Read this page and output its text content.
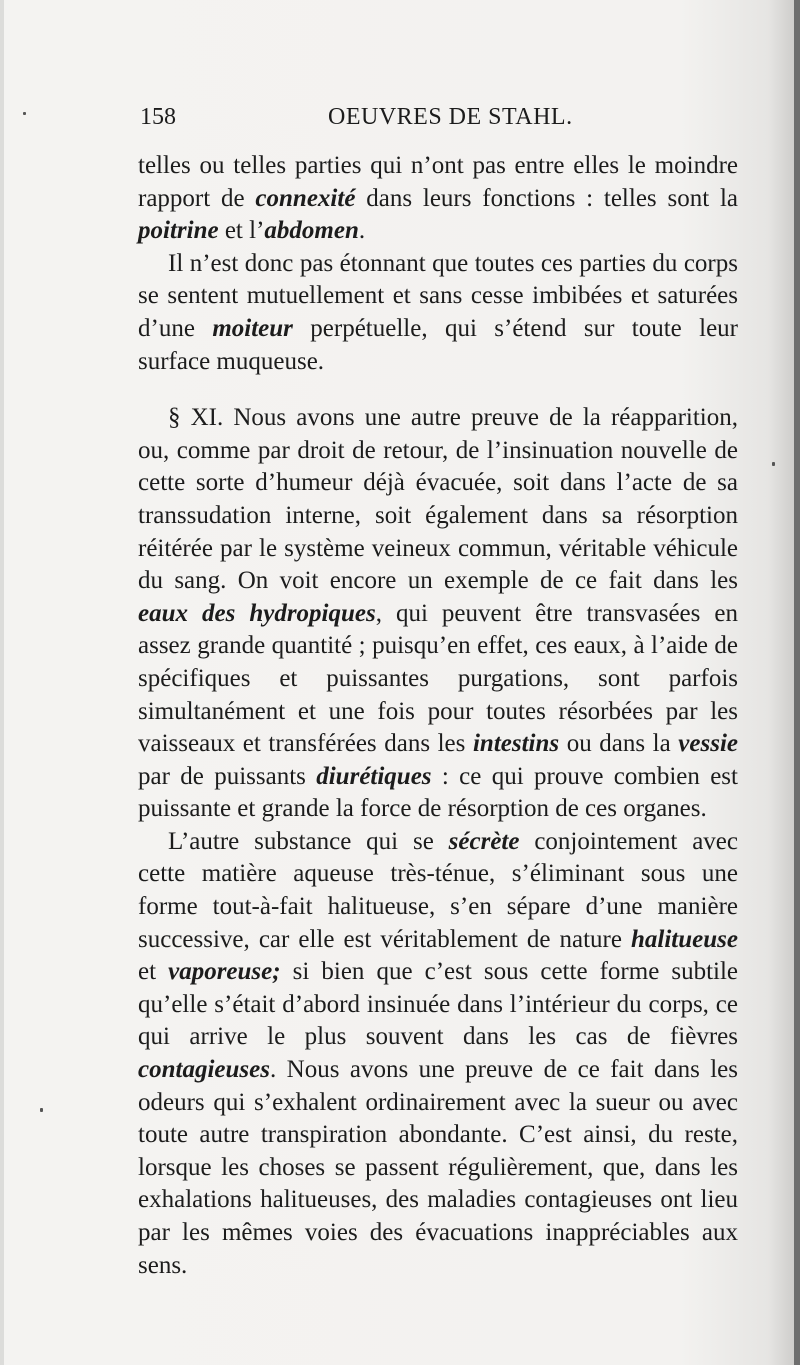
158	OEUVRES DE STAHL.

telles ou telles parties qui n’ont pas entre elles le moindre rapport de connexité dans leurs fonctions : telles sont la poitrine et l’abdomen.

Il n’est donc pas étonnant que toutes ces parties du corps se sentent mutuellement et sans cesse imbibées et saturées d’une moiteur perpétuelle, qui s’étend sur toute leur surface muqueuse.

§ XI. Nous avons une autre preuve de la réapparition, ou, comme par droit de retour, de l’insinuation nouvelle de cette sorte d’humeur déjà évacuée, soit dans l’acte de sa transsudation interne, soit également dans sa résorption réitérée par le système veineux commun, véritable véhicule du sang. On voit encore un exemple de ce fait dans les eaux des hydropiques, qui peuvent être transvasées en assez grande quantité ; puisqu’en effet, ces eaux, à l’aide de spécifiques et puissantes purgations, sont parfois simultanément et une fois pour toutes résorbées par les vaisseaux et transférées dans les intestins ou dans la vessie par de puissants diurétiques : ce qui prouve combien est puissante et grande la force de résorption de ces organes.

L’autre substance qui se sécrète conjointement avec cette matière aqueuse très-ténue, s’éliminant sous une forme tout-à-fait halitueuse, s’en sépare d’une manière successive, car elle est véritablement de nature halitueuse et vaporeuse; si bien que c’est sous cette forme subtile qu’elle s’était d’abord insinuée dans l’intérieur du corps, ce qui arrive le plus souvent dans les cas de fièvres contagieuses. Nous avons une preuve de ce fait dans les odeurs qui s’exhalent ordinairement avec la sueur ou avec toute autre transpiration abondante. C’est ainsi, du reste, lorsque les choses se passent régulièrement, que, dans les exhalations halitueuses, des maladies contagieuses ont lieu par les mêmes voies des évacuations inappréciables aux sens.
